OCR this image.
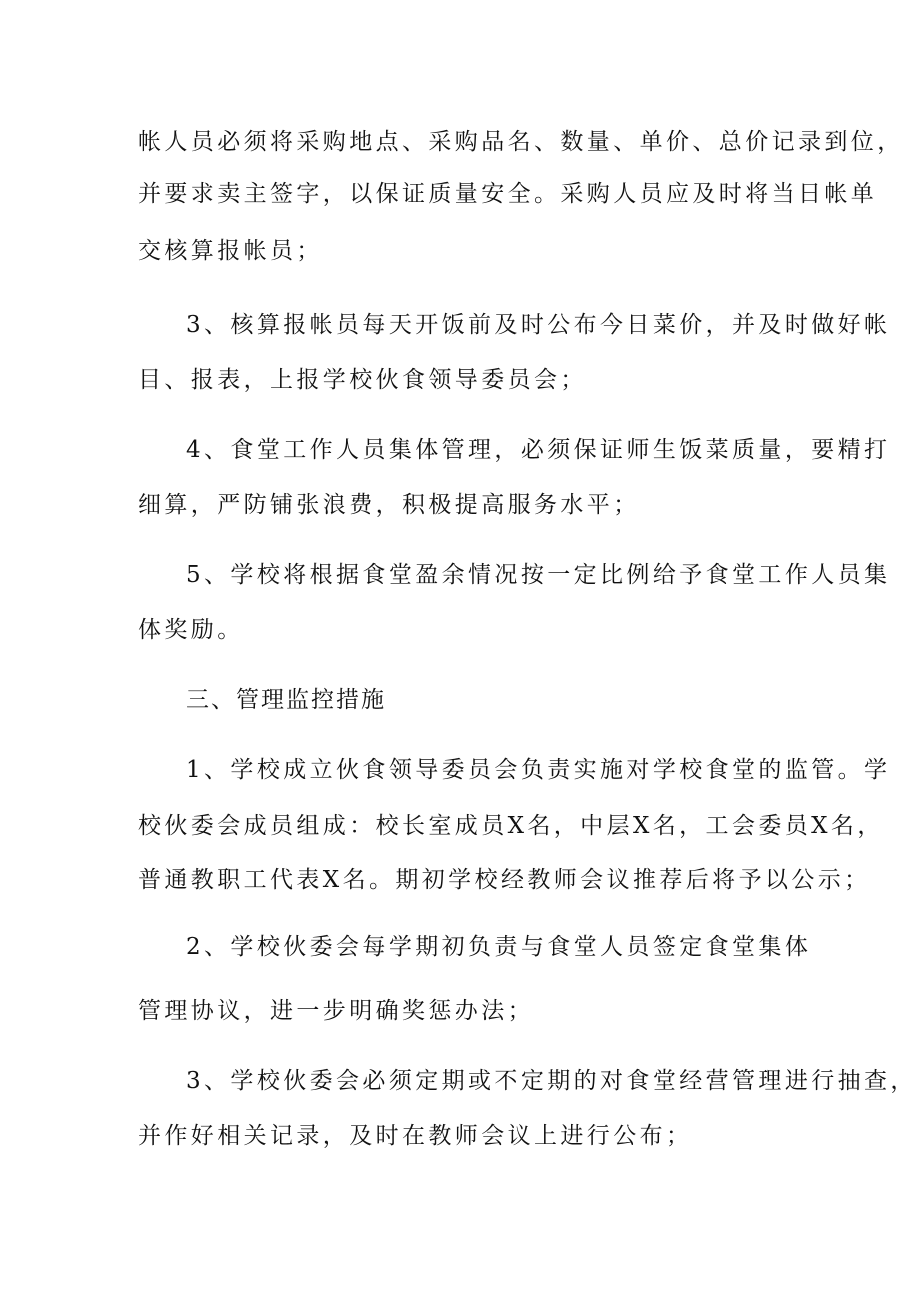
帐人员必须将采购地点、采购品名、数量、单价、总价记录到位，
并要求卖主签字，以保证质量安全。采购人员应及时将当日帐单
交核算报帐员；
3、核算报帐员每天开饭前及时公布今日菜价，并及时做好帐
目、报表，上报学校伙食领导委员会；
4、食堂工作人员集体管理，必须保证师生饭菜质量，要精打
细算，严防铺张浪费，积极提高服务水平；
5、学校将根据食堂盈余情况按一定比例给予食堂工作人员集
体奖励。
三、管理监控措施
1、学校成立伙食领导委员会负责实施对学校食堂的监管。学
校伙委会成员组成：校长室成员X名，中层X名，工会委员X名，
普通教职工代表X名。期初学校经教师会议推荐后将予以公示；
2、学校伙委会每学期初负责与食堂人员签定食堂集体
管理协议，进一步明确奖惩办法；
3、学校伙委会必须定期或不定期的对食堂经营管理进行抽查，
并作好相关记录，及时在教师会议上进行公布；
